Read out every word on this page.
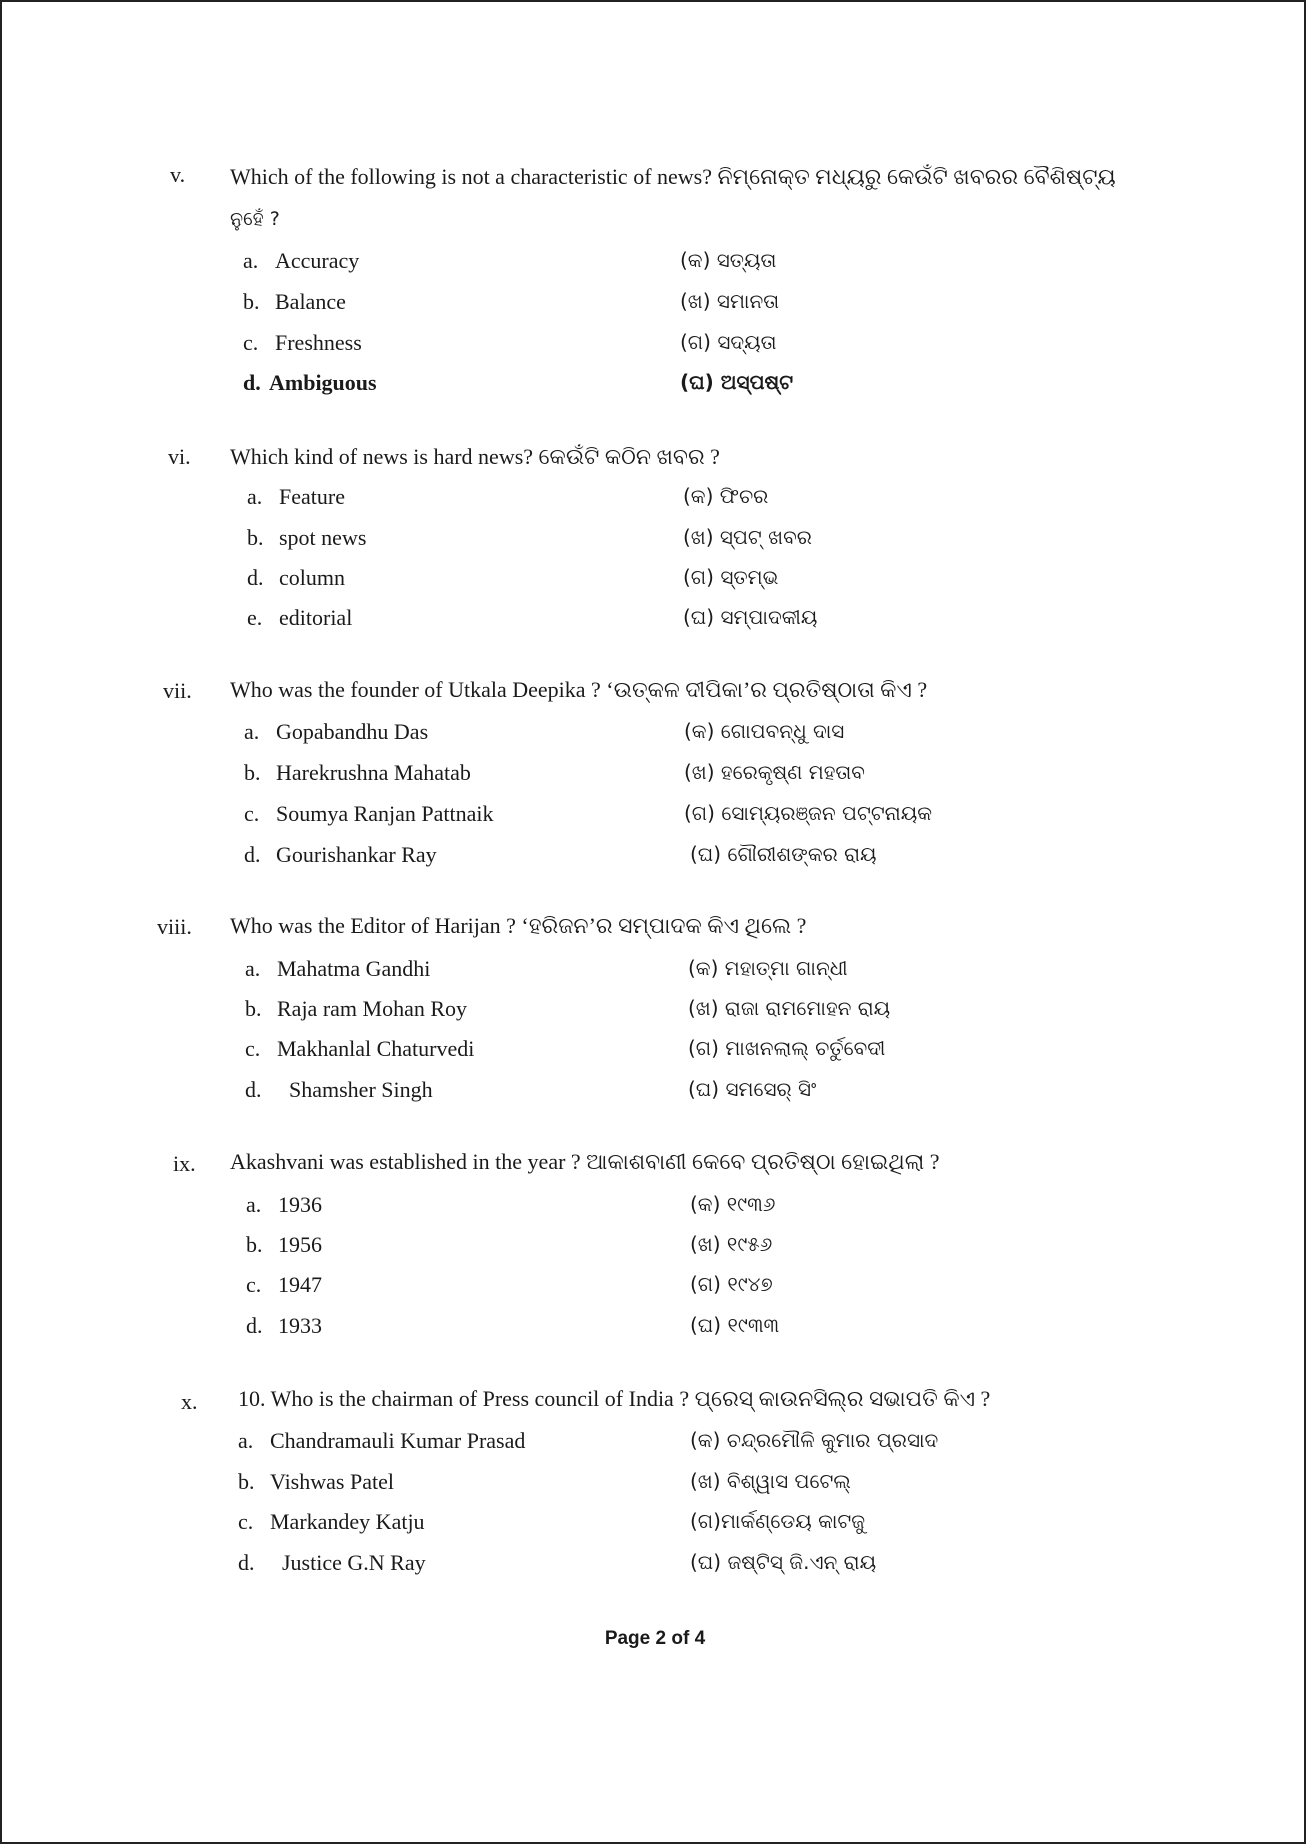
v.	Which of the following is not a characteristic of news? ନିମ୍ନୋକ୍ତ ମଧ୍ୟରୁ କେଉଁଟି ଖବରର ବୈଶିଷ୍ଟ୍ୟ
ନୁହେଁ ?
a. Accuracy	(କ) ସତ୍ୟତା
b. Balance	(ଖ) ସମାନତା
c. Freshness	(ଗ) ସଦ୍ୟତା
d. Ambiguous	(ଘ) ଅସ୍ପଷ୍ଟ
vi.	Which kind of news is hard news? କେଉଁଟି କଠିନ ଖବର ?
a. Feature	(କ) ଫିଚର
b. spot news	(ଖ) ସ୍ପଟ୍ ଖବର
d. column	(ଗ) ସ୍ତମ୍ଭ
e. editorial	(ଘ) ସମ୍ପାଦକୀୟ
vii.	Who was the founder of Utkala Deepika ? ‘ଉତ୍କଳ ଦୀପିକା’ର ପ୍ରତିଷ୍ଠାତା କିଏ ?
a. Gopabandhu Das	(କ) ଗୋପବନ୍ଧୁ ଦାସ
b. Harekrushna Mahatab	(ଖ) ହରେକୃଷ୍ଣ ମହତାବ
c. Soumya Ranjan Pattnaik	(ଗ) ସୋମ୍ୟରଞ୍ଜନ ପଟ୍ଟନାୟକ
d. Gourishankar Ray	(ଘ) ଗୌରୀଶଙ୍କର ରାୟ
viii.	Who was the Editor of Harijan ? ‘ହରିଜନ’ର ସମ୍ପାଦକ କିଏ ଥିଲେ ?
a. Mahatma Gandhi	(କ) ମହାତ୍ମା ଗାନ୍ଧୀ
b. Raja ram Mohan Roy	(ଖ) ରାଜା ରାମମୋହନ ରାୟ
c. Makhanlal Chaturvedi	(ଗ) ମାଖନଲାଲ୍ ଚର୍ତୁବେଦୀ
d. Shamsher Singh	(ଘ) ସମସେର୍ ସିଂ
ix.	Akashvani was established in the year ? ଆକାଶବାଣୀ କେବେ ପ୍ରତିଷ୍ଠା ହୋଇଥିଲା ?
a. 1936	(କ) ୧୯୩୬
b. 1956	(ଖ) ୧୯୫୬
c. 1947	(ଗ) ୧୯୪୭
d. 1933	(ଘ) ୧୯୩୩
x.	10. Who is the chairman of Press council of India ? ପ୍ରେସ୍ କାଉନସିଲ୍‌ର ସଭାପତି କିଏ ?
a. Chandramauli Kumar Prasad	(କ) ଚନ୍ଦ୍ରମୌଳି କୁମାର ପ୍ରସାଦ
b. Vishwas Patel	(ଖ) ବିଶ୍ୱାସ ପଟେଲ୍
c. Markandey Katju	(ଗ)ମାର୍କଣ୍ଡେୟ କାଟଜୁ
d. Justice G.N Ray	(ଘ) ଜଷ୍ଟିସ୍ ଜି.ଏନ୍ ରାୟ
Page 2 of 4
